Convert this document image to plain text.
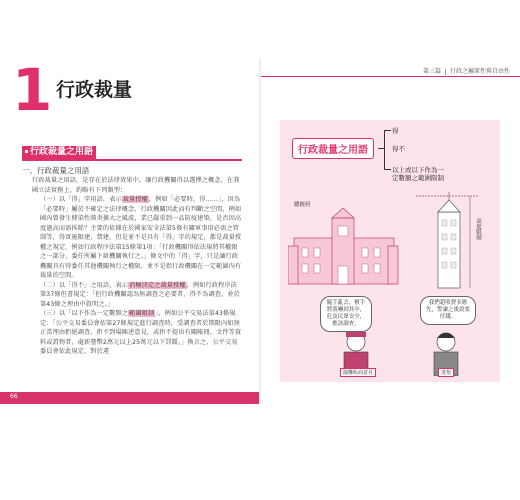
1 行政裁量
行政裁量之用語

一、行政裁量之用語

行政裁量之用語，是存在於法律效果中，讓行政機關得以選擇之概念，在我國立法實務上，約略有下列類型：

（一）以「得」字用語，表示裁量授權，例如「必要時，得……」，因為「必要時」屬於不確定之法律概念，行政機關因此而有判斷之空間，例如國內曾發生傳染性肺炎擴大之風波，業已嚴重到一品防疫建築，是否因高度過高而需拆除？主要的依據在於國家安全法第5條有關軍事用必需之管制等，得實施限建，禁建，但是並不是具有「得」字的規定，都是裁量授權之規定，例如行政程序法第15條第1項：「行政機關得依法規將其權限之一部分，委任所屬下級機關執行之。」條文中的「得」字，只是讓行政機關具有得委任其他機關執行之權限，並不是指行政機關在一定範圍內有裁量的空間。

（二）以「得不」之用語，表示消極決定之裁量授權，例如行政程序法第37條但書規定：「但行政機關認為無調查之必要者，得不為調查，並於第43條之理由中敘明之。」

（三）以「以下作為一定數額之範圍限制」，例如公平交易法第43條規定：「公平交易委員會依第27條規定進行調查時，受調查者於期限內如無正當理由拒絕調查、拒不到場陳述意見，或拒不提出有關帳冊、文件等資料或證物者，處新臺幣2萬元以上25萬元以下罰鍰。」換言之，公平交易委員會依此規定，對於違

66
第三篇 行政之屬原性與自由性
行政裁量之用語
得
得不
以上或以下作為一定數額之範圍限制
總統府
高度限制
隨手亂丟，檳手將我嚇到其中，危及民眾安全，應該調查。
我們超收費多應先，警讓之後說要付錢。
擺攤販商意見	違規
67
